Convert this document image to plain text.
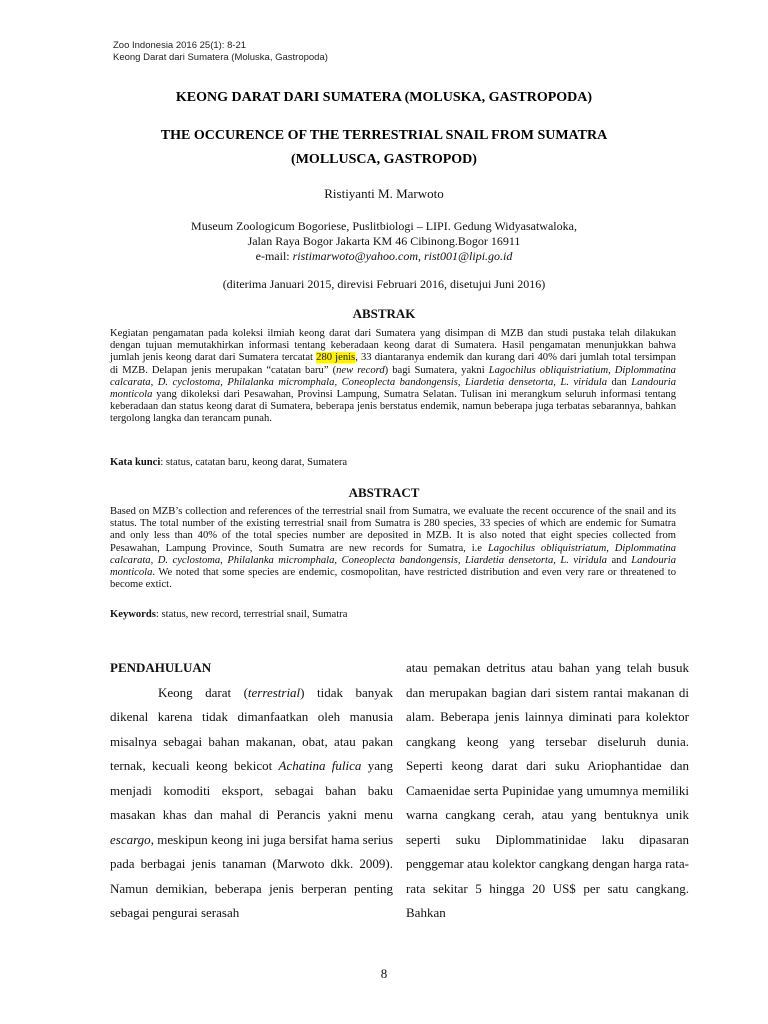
Zoo Indonesia 2016 25(1): 8-21
Keong Darat dari Sumatera (Moluska, Gastropoda)
KEONG DARAT DARI SUMATERA (MOLUSKA, GASTROPODA)
THE OCCURENCE OF THE TERRESTRIAL SNAIL FROM SUMATRA
(MOLLUSCA, GASTROPOD)
Ristiyanti M. Marwoto
Museum Zoologicum Bogoriese, Puslitbiologi – LIPI. Gedung Widyasatwaloka,
Jalan Raya Bogor Jakarta KM 46 Cibinong.Bogor 16911
e-mail: ristimarwoto@yahoo.com, rist001@lipi.go.id
(diterima Januari 2015, direvisi Februari 2016, disetujui Juni 2016)
ABSTRAK

Kegiatan pengamatan pada koleksi ilmiah keong darat dari Sumatera yang disimpan di MZB dan studi pustaka telah dilakukan dengan tujuan memutakhirkan informasi tentang keberadaan keong darat di Sumatera. Hasil pengamatan menunjukkan bahwa jumlah jenis keong darat dari Sumatera tercatat 280 jenis, 33 diantaranya endemik dan kurang dari 40% dari jumlah total tersimpan di MZB. Delapan jenis merupakan “catatan baru” (new record) bagi Sumatera, yakni Lagochilus obliquistriatium, Diplommatina calcarata, D. cyclostoma, Philalanka micromphala, Coneoplecta bandongensis, Liardetia densetorta, L. viridula dan Landouria monticola yang dikoleksi dari Pesawahan, Provinsi Lampung, Sumatra Selatan. Tulisan ini merangkum seluruh informasi tentang keberadaan dan status keong darat di Sumatera, beberapa jenis berstatus endemik, namun beberapa juga terbatas sebarannya, bahkan tergolong langka dan terancam punah.

Kata kunci: status, catatan baru, keong darat, Sumatera

ABSTRACT

Based on MZB’s collection and references of the terrestrial snail from Sumatra, we evaluate the recent occurence of the snail and its status. The total number of the existing terrestrial snail from Sumatra is 280 species, 33 species of which are endemic for Sumatra and only less than 40% of the total species number are deposited in MZB. It is also noted that eight species collected from Pesawahan, Lampung Province, South Sumatra are new records for Sumatra, i.e Lagochilus obliquistriatum, Diplommatina calcarata, D. cyclostoma, Philalanka micromphala, Coneoplecta bandongensis, Liardetia densetorta, L. viridula and Landouria monticola. We noted that some species are endemic, cosmopolitan, have restricted distribution and even very rare or threatened to become extict.

Keywords: status, new record, terrestrial snail, Sumatra

PENDAHULUAN
Keong darat (terrestrial) tidak banyak dikenal karena tidak dimanfaatkan oleh manusia misalnya sebagai bahan makanan, obat, atau pakan ternak, kecuali keong bekicot Achatina fulica yang menjadi komoditi eksport, sebagai bahan baku masakan khas dan mahal di Perancis yakni menu escargo, meskipun keong ini juga bersifat hama serius pada berbagai jenis tanaman (Marwoto dkk. 2009). Namun demikian, beberapa jenis berperan penting sebagai pengurai serasah
atau pemakan detritus atau bahan yang telah busuk dan merupakan bagian dari sistem rantai makanan di alam. Beberapa jenis lainnya diminati para kolektor cangkang keong yang tersebar diseluruh dunia. Seperti keong darat dari suku Ariophantidae dan Camaenidae serta Pupinidae yang umumnya memiliki warna cangkang cerah, atau yang bentuknya unik seperti suku Diplommatinidae laku dipasaran penggemar atau kolektor cangkang dengan harga rata-rata sekitar 5 hingga 20 US$ per satu cangkang. Bahkan
8
